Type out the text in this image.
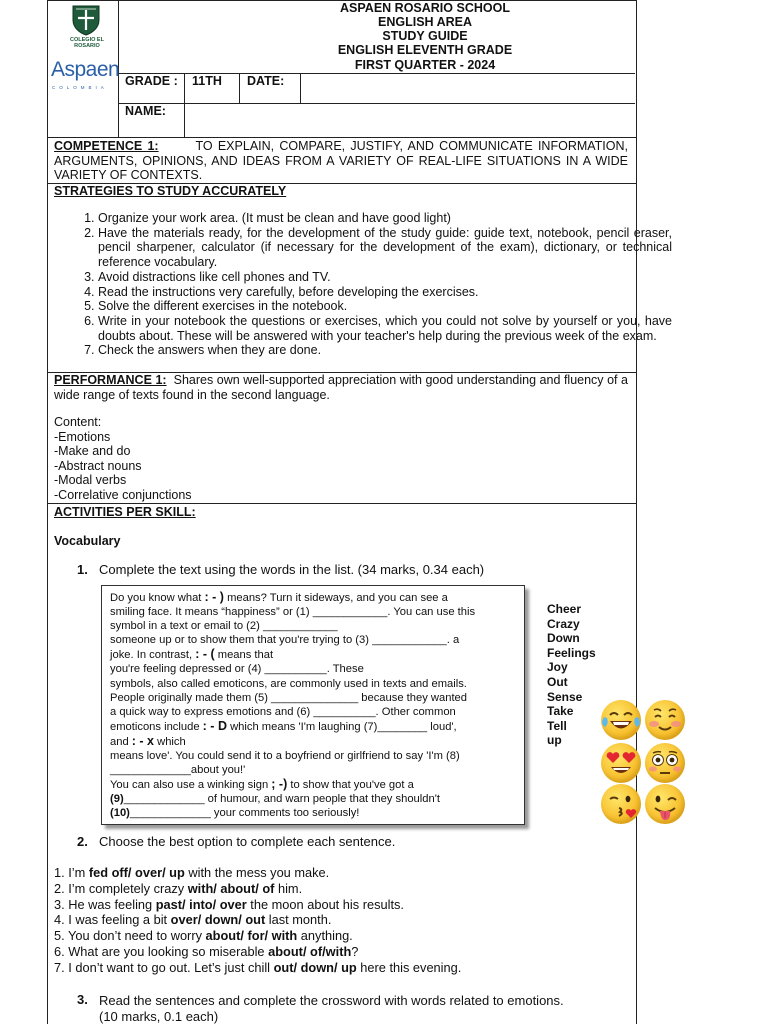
COLEGIO EL ROSARIO
Aspaen
COLOMBIA
ASPAEN ROSARIO SCHOOL
ENGLISH AREA
STUDY GUIDE
ENGLISH ELEVENTH GRADE
FIRST QUARTER - 2024
GRADE : 11TH DATE:
NAME:
COMPETENCE 1:	TO EXPLAIN, COMPARE, JUSTIFY, AND COMMUNICATE INFORMATION, ARGUMENTS, OPINIONS, AND IDEAS FROM A VARIETY OF REAL-LIFE SITUATIONS IN A WIDE VARIETY OF CONTEXTS.
STRATEGIES TO STUDY ACCURATELY
1. Organize your work area. (It must be clean and have good light)
2. Have the materials ready, for the development of the study guide: guide text, notebook, pencil eraser, pencil sharpener, calculator (if necessary for the development of the exam), dictionary, or technical reference vocabulary.
3. Avoid distractions like cell phones and TV.
4. Read the instructions very carefully, before developing the exercises.
5. Solve the different exercises in the notebook.
6. Write in your notebook the questions or exercises, which you could not solve by yourself or you, have doubts about. These will be answered with your teacher's help during the previous week of the exam.
7. Check the answers when they are done.
PERFORMANCE 1: Shares own well-supported appreciation with good understanding and fluency of a wide range of texts found in the second language.
Content:
-Emotions
-Make and do
-Abstract nouns
-Modal verbs
-Correlative conjunctions
ACTIVITIES PER SKILL:
Vocabulary
1. Complete the text using the words in the list. (34 marks, 0.34 each)
Do you know what : - ) means? Turn it sideways, and you can see a
smiling face. It means “happiness” or (1) ____________. You can use this
symbol in a text or email to (2) ____________
someone up or to show them that you're trying to (3) ____________. a
joke. In contrast, : - ( means that
you're feeling depressed or (4) __________. These
symbols, also called emoticons, are commonly used in texts and emails.
People originally made them (5) ______________ because they wanted
a quick way to express emotions and (6) __________. Other common
emoticons include : - D which means 'I'm laughing (7)________ loud',
and : - x which
means love'. You could send it to a boyfriend or girlfriend to say 'I'm (8)
_____________about you!'
You can also use a winking sign ; -) to show that you've got a
(9)_____________ of humour, and warn people that they shouldn't
(10)_____________ your comments too seriously!
Cheer
Crazy
Down
Feelings
Joy
Out
Sense
Take
Tell
up
2. Choose the best option to complete each sentence.
1. I’m fed off/ over/ up with the mess you make.
2. I’m completely crazy with/ about/ of him.
3. He was feeling past/ into/ over the moon about his results.
4. I was feeling a bit over/ down/ out last month.
5. You don’t need to worry about/ for/ with anything.
6. What are you looking so miserable about/ of/with?
7. I don’t want to go out. Let’s just chill out/ down/ up here this evening.
3. Read the sentences and complete the crossword with words related to emotions. (10 marks, 0.1 each)
